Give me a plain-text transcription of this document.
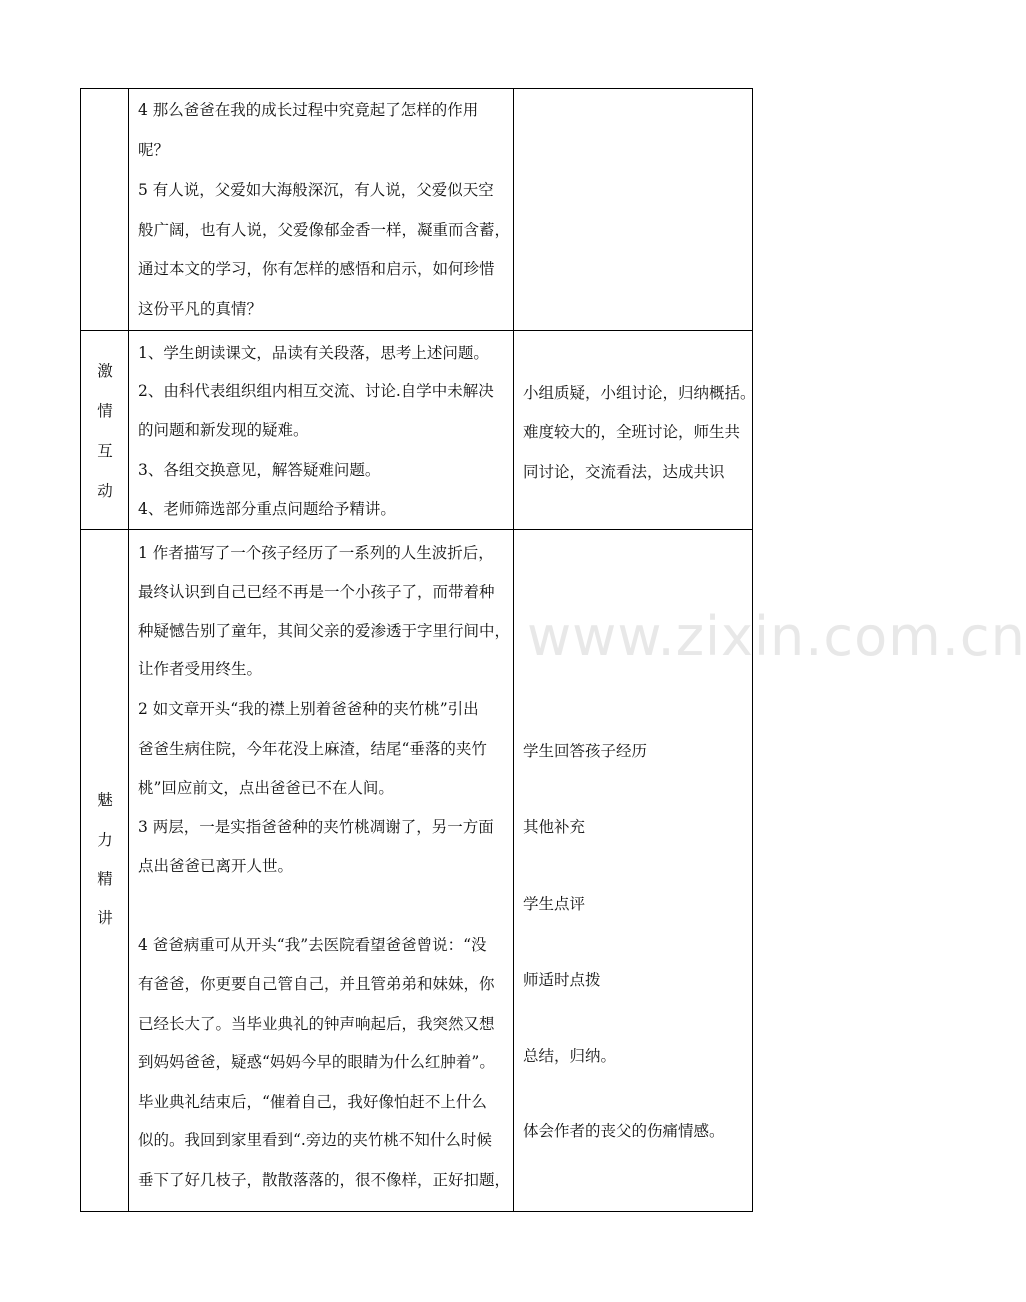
4 那么爸爸在我的成长过程中究竟起了怎样的作用
呢？
5 有人说，父爱如大海般深沉，有人说，父爱似天空
般广阔，也有人说，父爱像郁金香一样，凝重而含蓄，
通过本文的学习，你有怎样的感悟和启示，如何珍惜
这份平凡的真情？
激
情
互
动
1、学生朗读课文，品读有关段落，思考上述问题。
2、由科代表组织组内相互交流、讨论.自学中未解决
的问题和新发现的疑难。
3、各组交换意见，解答疑难问题。
4、老师筛选部分重点问题给予精讲。
小组质疑，小组讨论，归纳概括。
难度较大的，全班讨论，师生共
同讨论，交流看法，达成共识
魅
力
精
讲
1 作者描写了一个孩子经历了一系列的人生波折后，
最终认识到自己已经不再是一个小孩子了，而带着种
种疑憾告别了童年，其间父亲的爱渗透于字里行间中，
让作者受用终生。
2 如文章开头“我的襟上别着爸爸种的夹竹桃”引出
爸爸生病住院，今年花没上麻渣，结尾“垂落的夹竹
桃”回应前文，点出爸爸已不在人间。
3 两层，一是实指爸爸种的夹竹桃凋谢了，另一方面
点出爸爸已离开人世。
4 爸爸病重可从开头“我”去医院看望爸爸曾说：“没
有爸爸，你更要自己管自己，并且管弟弟和妹妹，你
已经长大了。当毕业典礼的钟声响起后，我突然又想
到妈妈爸爸，疑惑“妈妈今早的眼睛为什么红肿着”。
毕业典礼结束后，“催着自己，我好像怕赶不上什么
似的。我回到家里看到“.旁边的夹竹桃不知什么时候
垂下了好几枝子，散散落落的，很不像样，正好扣题，
学生回答孩子经历
其他补充
学生点评
师适时点拨
总结，归纳。
体会作者的丧父的伤痛情感。
www.zixin.com.cn
